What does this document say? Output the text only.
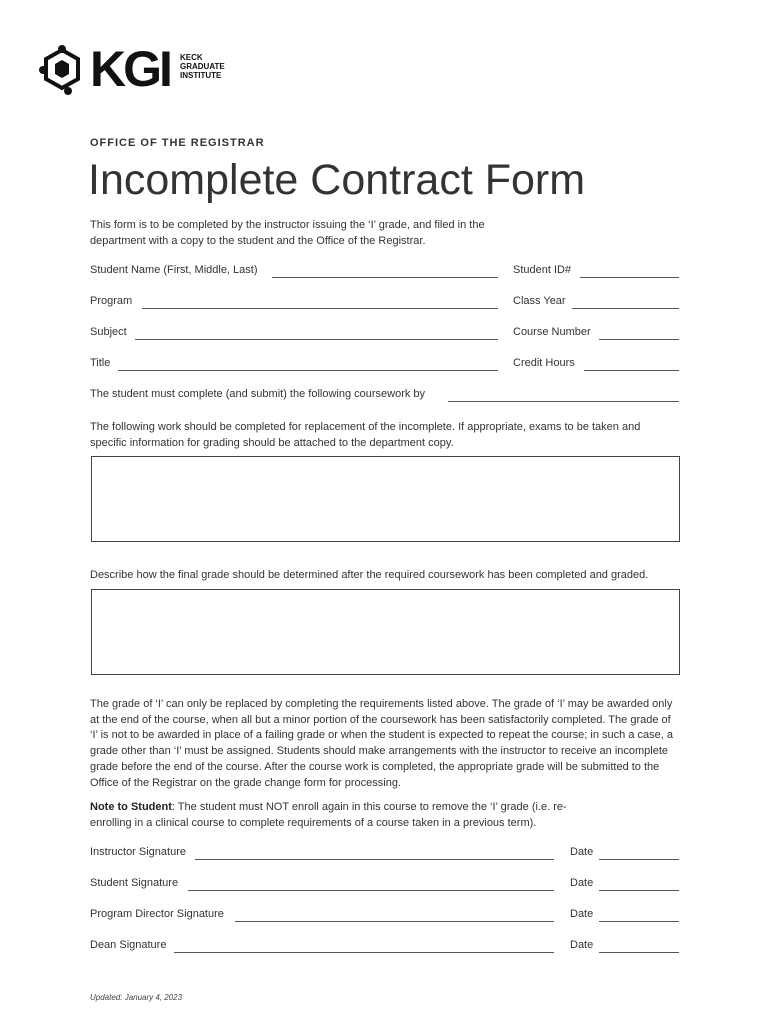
KGI KECK
GRADUATE
INSTITUTE
OFFICE OF THE REGISTRAR
Incomplete Contract Form
This form is to be completed by the instructor issuing the ‘I’ grade, and filed in the department with a copy to the student and the Office of the Registrar.
Student Name (First, Middle, Last)	Student ID#
Program	Class Year
Subject	Course Number
Title	Credit Hours
The student must complete (and submit) the following coursework by
The following work should be completed for replacement of the incomplete. If appropriate, exams to be taken and specific information for grading should be attached to the department copy.
Describe how the final grade should be determined after the required coursework has been completed and graded.
The grade of ‘I’ can only be replaced by completing the requirements listed above. The grade of ‘I’ may be awarded only at the end of the course, when all but a minor portion of the coursework has been satisfactorily completed. The grade of ‘I’ is not to be awarded in place of a failing grade or when the student is expected to repeat the course; in such a case, a grade other than ‘I’ must be assigned. Students should make arrangements with the instructor to receive an incomplete grade before the end of the course. After the course work is completed, the appropriate grade will be submitted to the Office of the Registrar on the grade change form for processing.
Note to Student: The student must NOT enroll again in this course to remove the ‘I’ grade (i.e. re-enrolling in a clinical course to complete requirements of a course taken in a previous term).
Instructor Signature	Date
Student Signature	Date
Program Director Signature	Date
Dean Signature	Date
Updated: January 4, 2023
